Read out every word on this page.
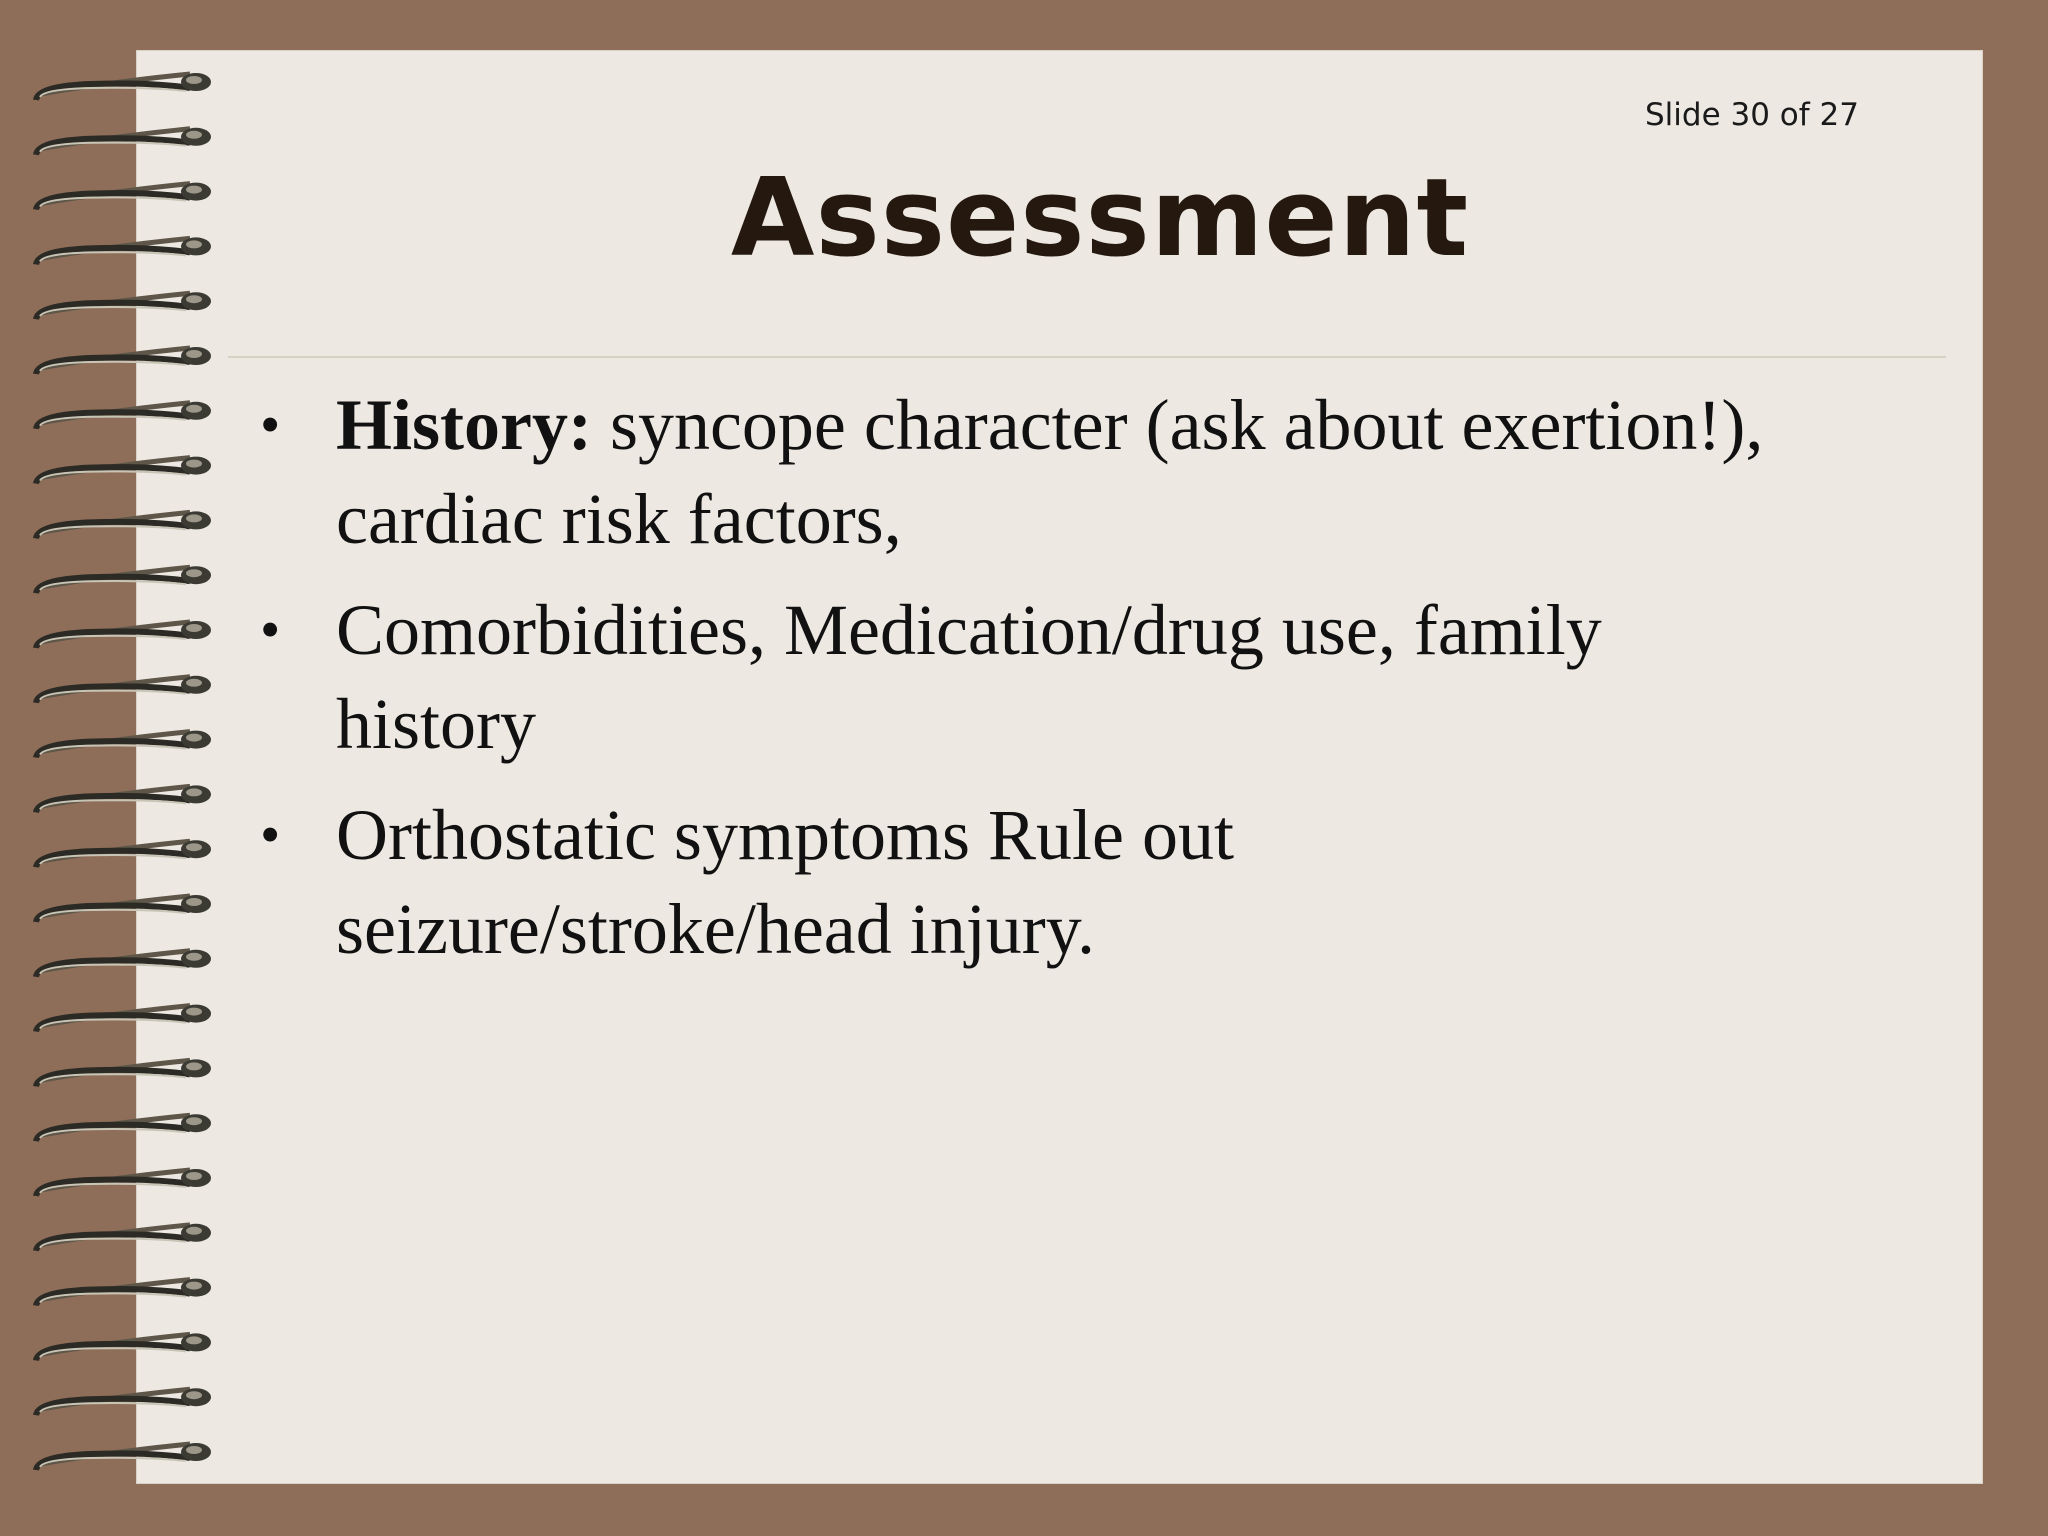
Slide 30 of 27
Assessment
• History: syncope character (ask about exertion!),
cardiac risk factors,
• Comorbidities, Medication/drug use, family
history
• Orthostatic symptoms Rule out
seizure/stroke/head injury.
